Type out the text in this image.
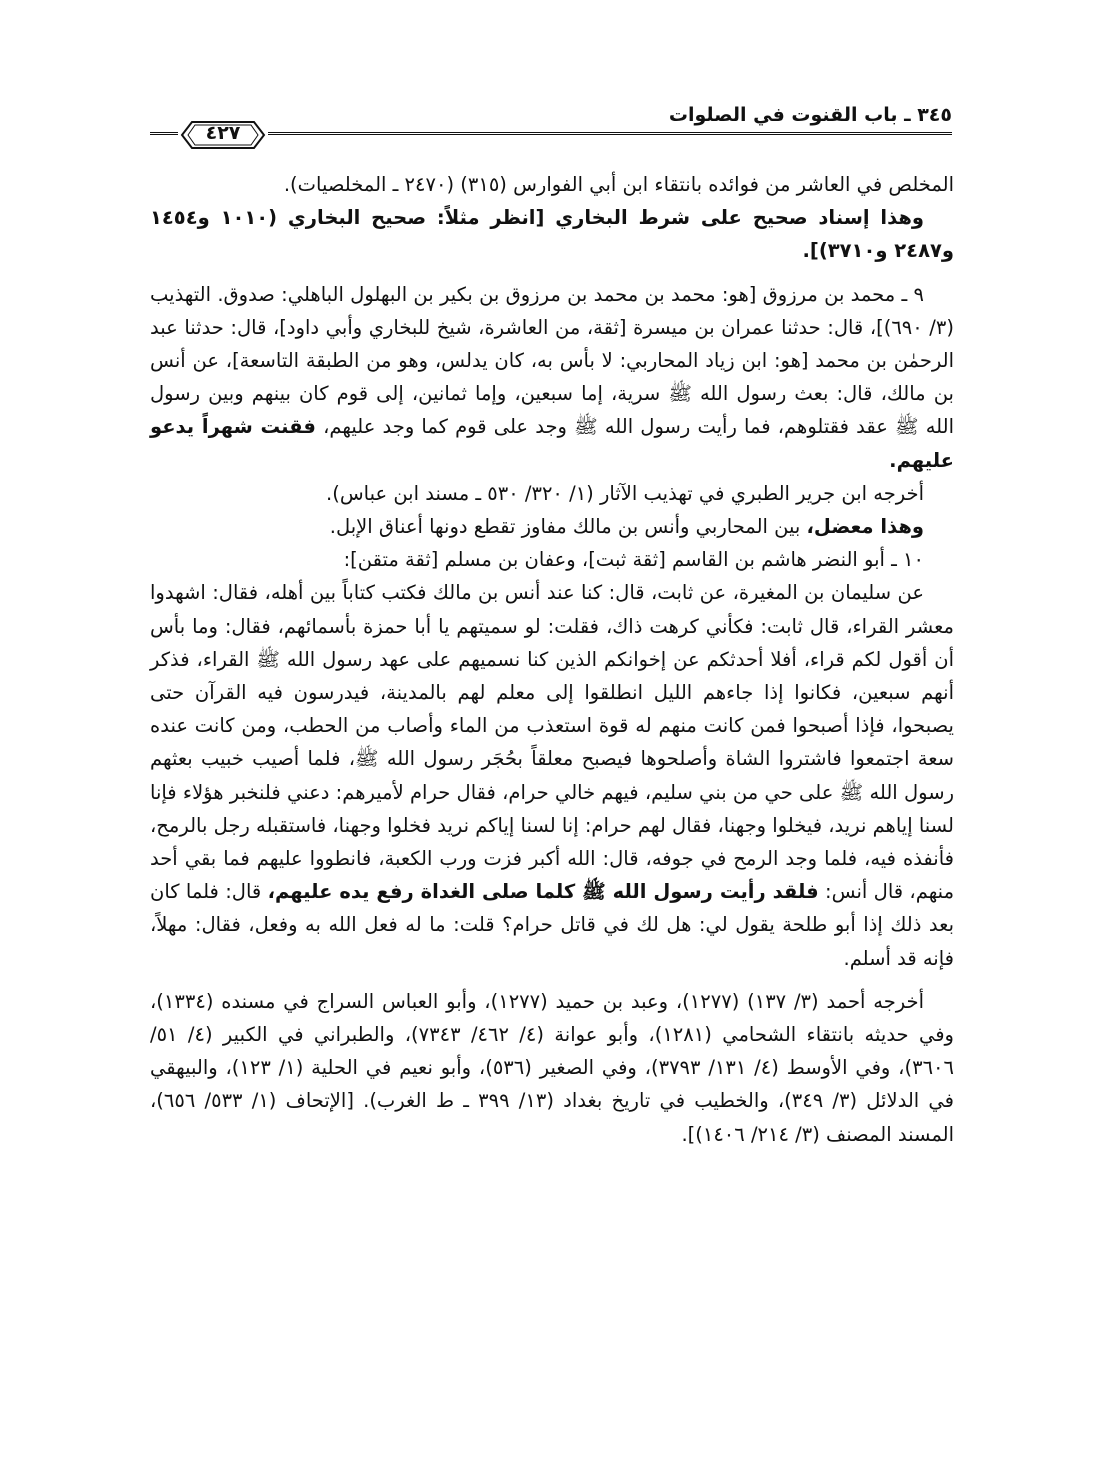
٣٤٥ ـ باب القنوت في الصلوات
٤٢٧

المخلص في العاشر من فوائده بانتقاء ابن أبي الفوارس (٣١٥) (٢٤٧٠ ـ المخلصيات).

وهذا إسناد صحيح على شرط البخاري [انظر مثلاً: صحيح البخاري (١٠١٠ و١٤٥٤ و٢٤٨٧ و٣٧١٠)].

٩ ـ محمد بن مرزوق [هو: محمد بن محمد بن مرزوق بن بكير بن البهلول الباهلي: صدوق. التهذيب (٣/ ٦٩٠)]، قال: حدثنا عمران بن ميسرة [ثقة، من العاشرة، شيخ للبخاري وأبي داود]، قال: حدثنا عبد الرحمٰن بن محمد [هو: ابن زياد المحاربي: لا بأس به، كان يدلس، وهو من الطبقة التاسعة]، عن أنس بن مالك، قال: بعث رسول الله ﷺ سرية، إما سبعين، وإما ثمانين، إلى قوم كان بينهم وبين رسول الله ﷺ عقد فقتلوهم، فما رأيت رسول الله ﷺ وجد على قوم كما وجد عليهم، فقنت شهراً يدعو عليهم.

أخرجه ابن جرير الطبري في تهذيب الآثار (١/ ٣٢٠/ ٥٣٠ ـ مسند ابن عباس).

وهذا معضل، بين المحاربي وأنس بن مالك مفاوز تقطع دونها أعناق الإبل.

١٠ ـ أبو النضر هاشم بن القاسم [ثقة ثبت]، وعفان بن مسلم [ثقة متقن]:

عن سليمان بن المغيرة، عن ثابت، قال: كنا عند أنس بن مالك فكتب كتاباً بين أهله، فقال: اشهدوا معشر القراء، قال ثابت: فكأني كرهت ذاك، فقلت: لو سميتهم يا أبا حمزة بأسمائهم، فقال: وما بأس أن أقول لكم قراء، أفلا أحدثكم عن إخوانكم الذين كنا نسميهم على عهد رسول الله ﷺ القراء، فذكر أنهم سبعين، فكانوا إذا جاءهم الليل انطلقوا إلى معلم لهم بالمدينة، فيدرسون فيه القرآن حتى يصبحوا، فإذا أصبحوا فمن كانت منهم له قوة استعذب من الماء وأصاب من الحطب، ومن كانت عنده سعة اجتمعوا فاشتروا الشاة وأصلحوها فيصبح معلقاً بحُجَر رسول الله ﷺ، فلما أصيب خبيب بعثهم رسول الله ﷺ على حي من بني سليم، فيهم خالي حرام، فقال حرام لأميرهم: دعني فلنخبر هؤلاء فإنا لسنا إياهم نريد، فيخلوا وجهنا، فقال لهم حرام: إنا لسنا إياكم نريد فخلوا وجهنا، فاستقبله رجل بالرمح، فأنفذه فيه، فلما وجد الرمح في جوفه، قال: الله أكبر فزت ورب الكعبة، فانطووا عليهم فما بقي أحد منهم، قال أنس: فلقد رأيت رسول الله ﷺ كلما صلى الغداة رفع يده عليهم، قال: فلما كان بعد ذلك إذا أبو طلحة يقول لي: هل لك في قاتل حرام؟ قلت: ما له فعل الله به وفعل، فقال: مهلاً، فإنه قد أسلم.

أخرجه أحمد (٣/ ١٣٧) (١٢٧٧)، وعبد بن حميد (١٢٧٧)، وأبو العباس السراج في مسنده (١٣٣٤)، وفي حديثه بانتقاء الشحامي (١٢٨١)، وأبو عوانة (٤/ ٤٦٢/ ٧٣٤٣)، والطبراني في الكبير (٤/ ٥١/ ٣٦٠٦)، وفي الأوسط (٤/ ١٣١/ ٣٧٩٣)، وفي الصغير (٥٣٦)، وأبو نعيم في الحلية (١/ ١٢٣)، والبيهقي في الدلائل (٣/ ٣٤٩)، والخطيب في تاريخ بغداد (١٣/ ٣٩٩ ـ ط الغرب). [الإتحاف (١/ ٥٣٣/ ٦٥٦)، المسند المصنف (٣/ ٢١٤/ ١٤٠٦)].
